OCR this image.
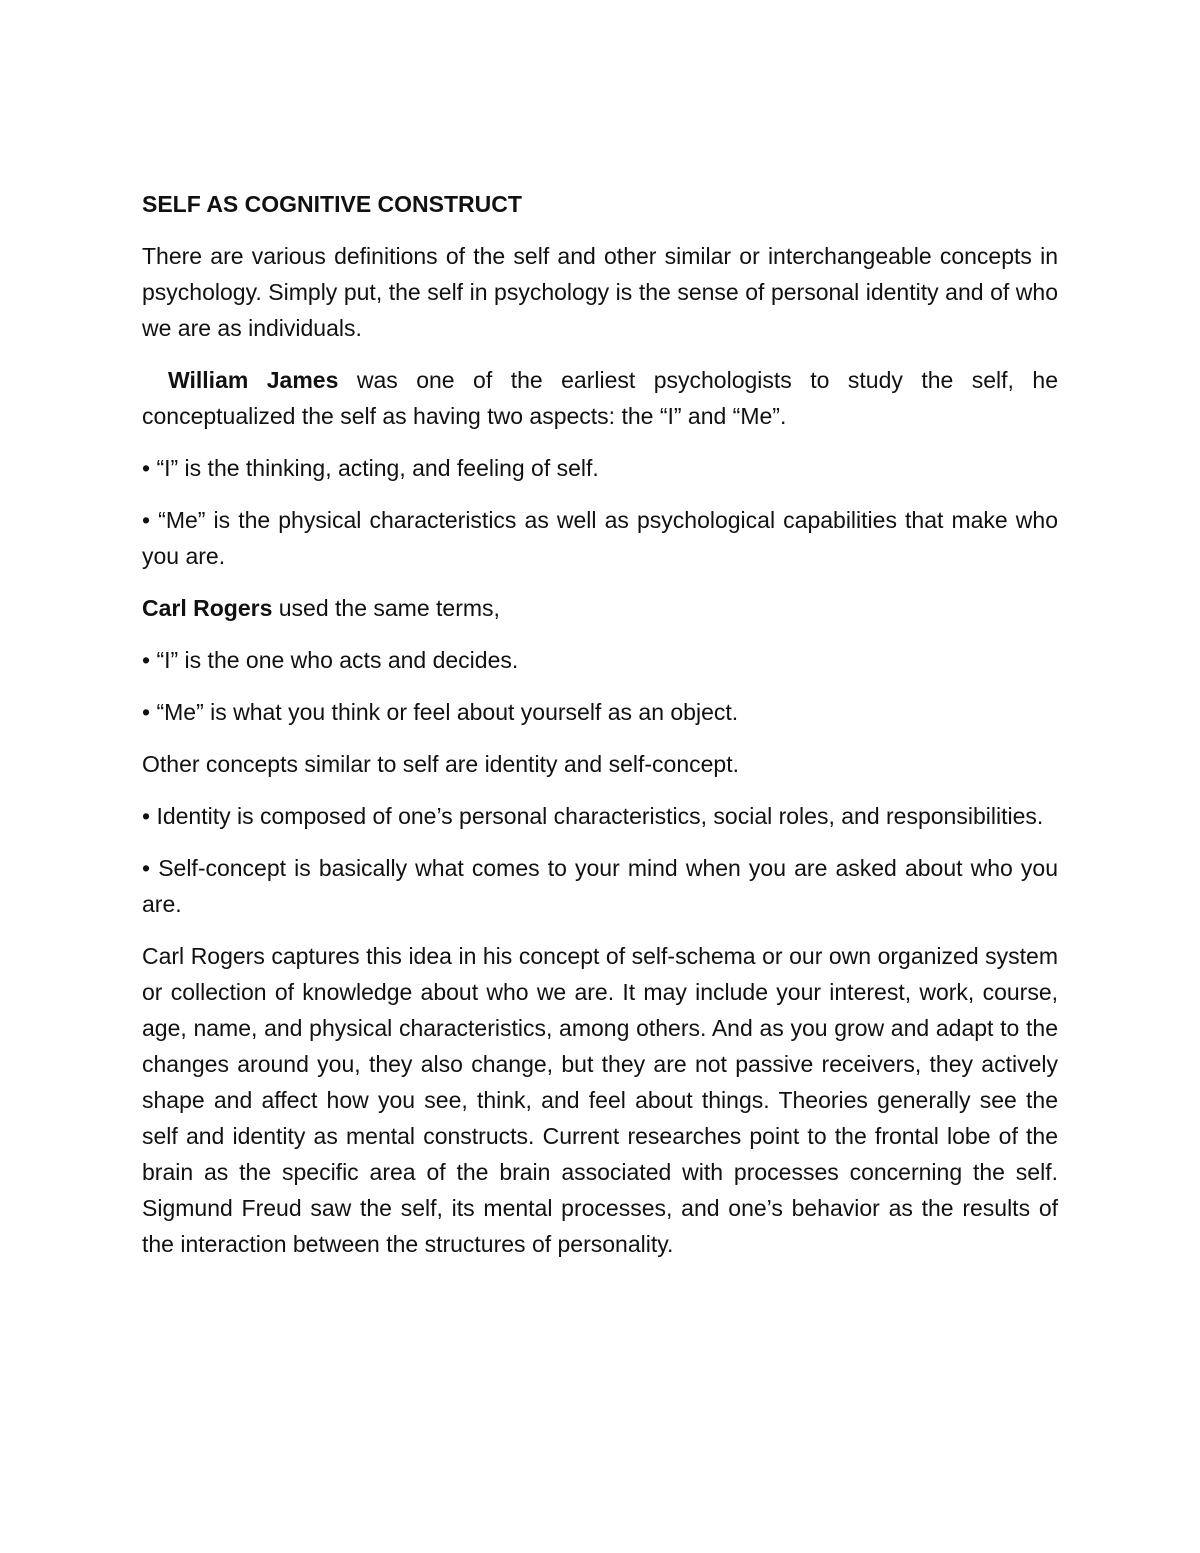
SELF AS COGNITIVE CONSTRUCT

There are various definitions of the self and other similar or interchangeable concepts in psychology. Simply put, the self in psychology is the sense of personal identity and of who we are as individuals.

William James was one of the earliest psychologists to study the self, he conceptualized the self as having two aspects: the “I” and “Me”.

• “I” is the thinking, acting, and feeling of self.

• “Me” is the physical characteristics as well as psychological capabilities that make who you are.

Carl Rogers used the same terms,

• “I” is the one who acts and decides.

• “Me” is what you think or feel about yourself as an object.

Other concepts similar to self are identity and self-concept.

• Identity is composed of one’s personal characteristics, social roles, and responsibilities.

• Self-concept is basically what comes to your mind when you are asked about who you are.

Carl Rogers captures this idea in his concept of self-schema or our own organized system or collection of knowledge about who we are. It may include your interest, work, course, age, name, and physical characteristics, among others. And as you grow and adapt to the changes around you, they also change, but they are not passive receivers, they actively shape and affect how you see, think, and feel about things. Theories generally see the self and identity as mental constructs. Current researches point to the frontal lobe of the brain as the specific area of the brain associated with processes concerning the self. Sigmund Freud saw the self, its mental processes, and one’s behavior as the results of the interaction between the structures of personality.
